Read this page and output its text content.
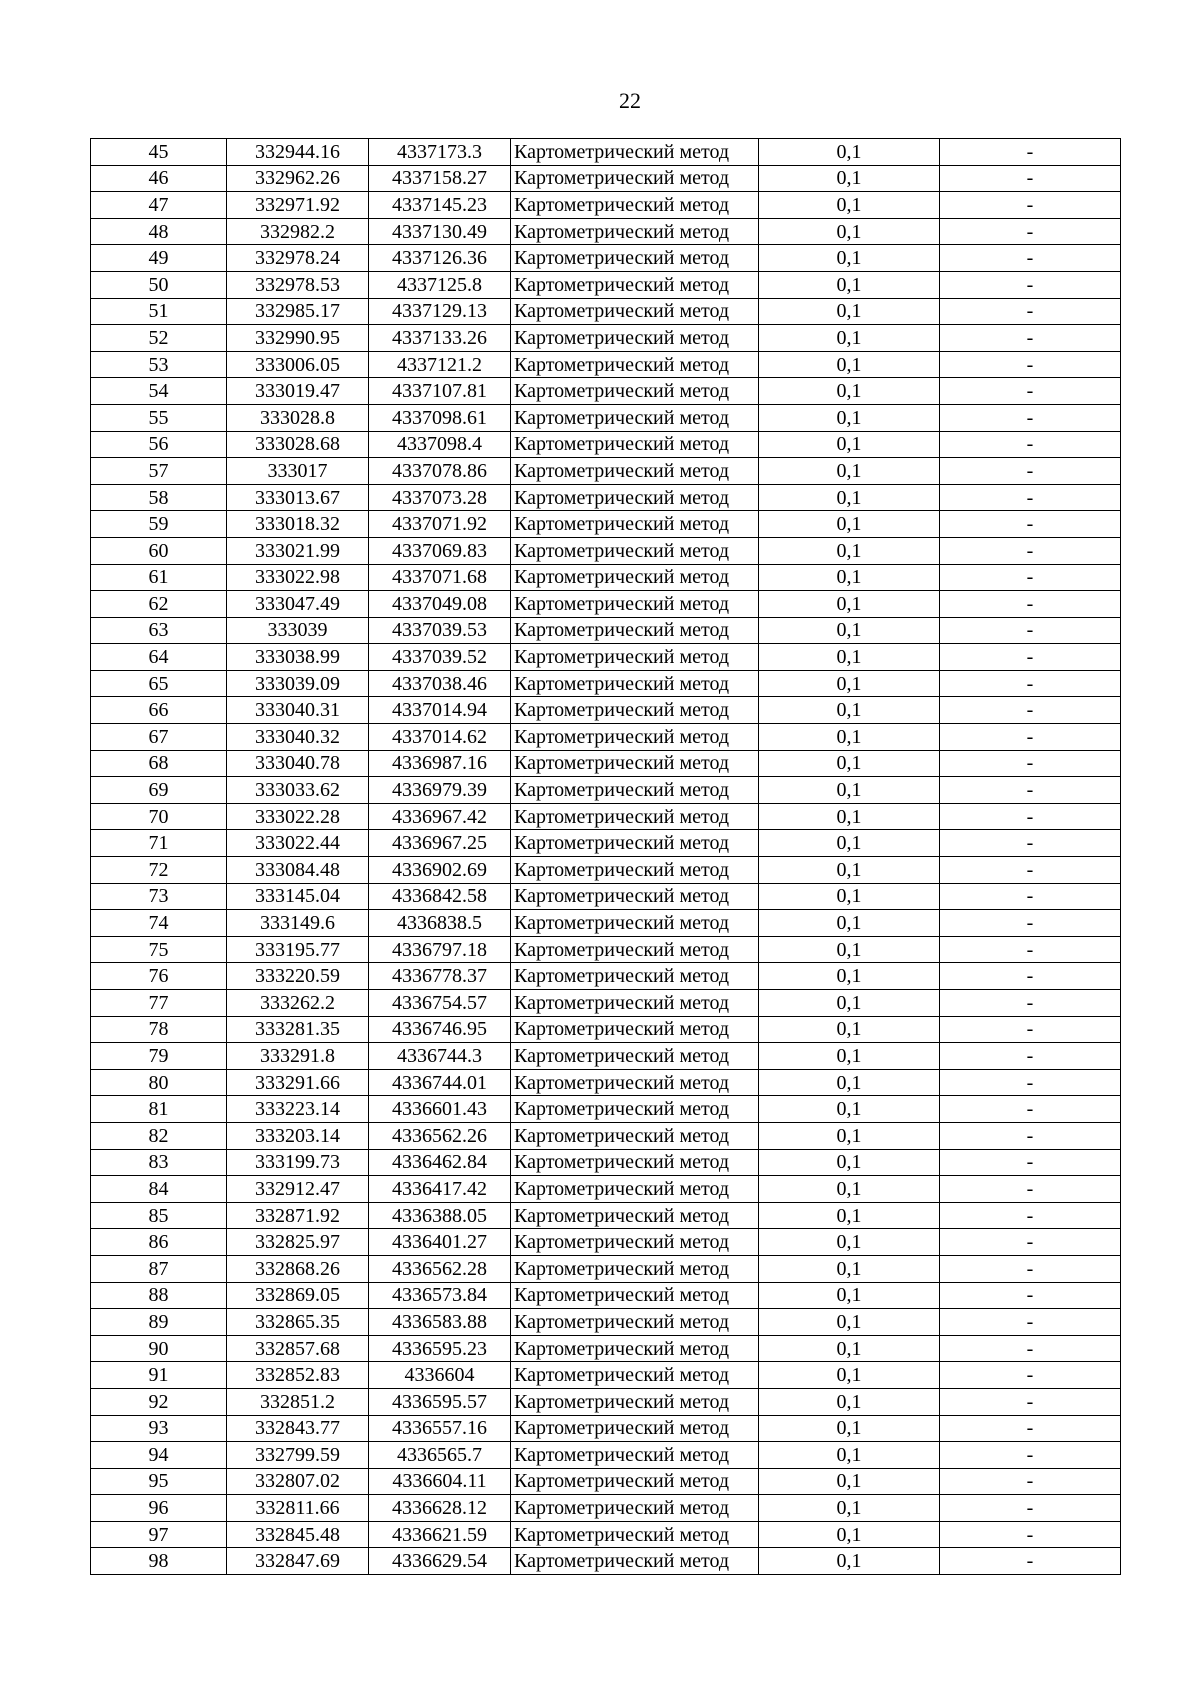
22
45	332944.16	4337173.3	Картометрический метод	0,1	-
46	332962.26	4337158.27	Картометрический метод	0,1	-
47	332971.92	4337145.23	Картометрический метод	0,1	-
48	332982.2	4337130.49	Картометрический метод	0,1	-
49	332978.24	4337126.36	Картометрический метод	0,1	-
50	332978.53	4337125.8	Картометрический метод	0,1	-
51	332985.17	4337129.13	Картометрический метод	0,1	-
52	332990.95	4337133.26	Картометрический метод	0,1	-
53	333006.05	4337121.2	Картометрический метод	0,1	-
54	333019.47	4337107.81	Картометрический метод	0,1	-
55	333028.8	4337098.61	Картометрический метод	0,1	-
56	333028.68	4337098.4	Картометрический метод	0,1	-
57	333017	4337078.86	Картометрический метод	0,1	-
58	333013.67	4337073.28	Картометрический метод	0,1	-
59	333018.32	4337071.92	Картометрический метод	0,1	-
60	333021.99	4337069.83	Картометрический метод	0,1	-
61	333022.98	4337071.68	Картометрический метод	0,1	-
62	333047.49	4337049.08	Картометрический метод	0,1	-
63	333039	4337039.53	Картометрический метод	0,1	-
64	333038.99	4337039.52	Картометрический метод	0,1	-
65	333039.09	4337038.46	Картометрический метод	0,1	-
66	333040.31	4337014.94	Картометрический метод	0,1	-
67	333040.32	4337014.62	Картометрический метод	0,1	-
68	333040.78	4336987.16	Картометрический метод	0,1	-
69	333033.62	4336979.39	Картометрический метод	0,1	-
70	333022.28	4336967.42	Картометрический метод	0,1	-
71	333022.44	4336967.25	Картометрический метод	0,1	-
72	333084.48	4336902.69	Картометрический метод	0,1	-
73	333145.04	4336842.58	Картометрический метод	0,1	-
74	333149.6	4336838.5	Картометрический метод	0,1	-
75	333195.77	4336797.18	Картометрический метод	0,1	-
76	333220.59	4336778.37	Картометрический метод	0,1	-
77	333262.2	4336754.57	Картометрический метод	0,1	-
78	333281.35	4336746.95	Картометрический метод	0,1	-
79	333291.8	4336744.3	Картометрический метод	0,1	-
80	333291.66	4336744.01	Картометрический метод	0,1	-
81	333223.14	4336601.43	Картометрический метод	0,1	-
82	333203.14	4336562.26	Картометрический метод	0,1	-
83	333199.73	4336462.84	Картометрический метод	0,1	-
84	332912.47	4336417.42	Картометрический метод	0,1	-
85	332871.92	4336388.05	Картометрический метод	0,1	-
86	332825.97	4336401.27	Картометрический метод	0,1	-
87	332868.26	4336562.28	Картометрический метод	0,1	-
88	332869.05	4336573.84	Картометрический метод	0,1	-
89	332865.35	4336583.88	Картометрический метод	0,1	-
90	332857.68	4336595.23	Картометрический метод	0,1	-
91	332852.83	4336604	Картометрический метод	0,1	-
92	332851.2	4336595.57	Картометрический метод	0,1	-
93	332843.77	4336557.16	Картометрический метод	0,1	-
94	332799.59	4336565.7	Картометрический метод	0,1	-
95	332807.02	4336604.11	Картометрический метод	0,1	-
96	332811.66	4336628.12	Картометрический метод	0,1	-
97	332845.48	4336621.59	Картометрический метод	0,1	-
98	332847.69	4336629.54	Картометрический метод	0,1	-
